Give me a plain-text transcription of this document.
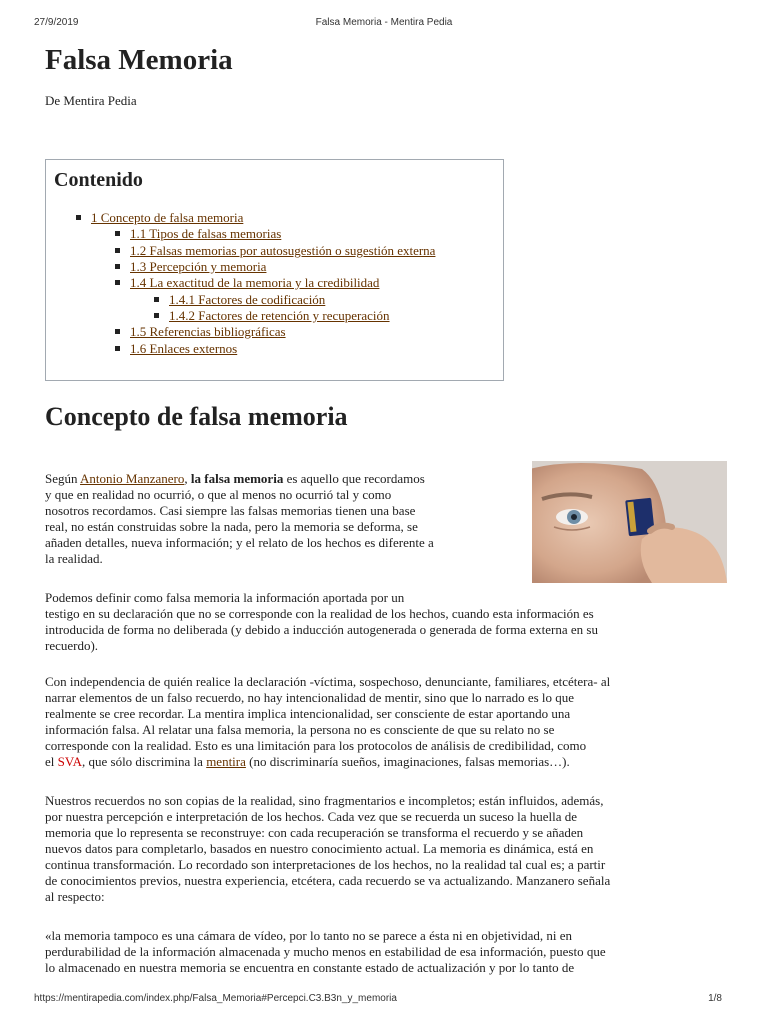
27/9/2019	Falsa Memoria - Mentira Pedia
Falsa Memoria
De Mentira Pedia
Contenido
1 Concepto de falsa memoria
1.1 Tipos de falsas memorias
1.2 Falsas memorias por autosugestión o sugestión externa
1.3 Percepción y memoria
1.4 La exactitud de la memoria y la credibilidad
1.4.1 Factores de codificación
1.4.2 Factores de retención y recuperación
1.5 Referencias bibliográficas
1.6 Enlaces externos
Concepto de falsa memoria
Según Antonio Manzanero, la falsa memoria es aquello que recordamos
y que en realidad no ocurrió, o que al menos no ocurrió tal y como
nosotros recordamos. Casi siempre las falsas memorias tienen una base
real, no están construidas sobre la nada, pero la memoria se deforma, se
añaden detalles, nueva información; y el relato de los hechos es diferente a
la realidad.
Podemos definir como falsa memoria la información aportada por un
testigo en su declaración que no se corresponde con la realidad de los hechos, cuando esta información es
introducida de forma no deliberada (y debido a inducción autogenerada o generada de forma externa en su
recuerdo).
Con independencia de quién realice la declaración -víctima, sospechoso, denunciante, familiares, etcétera- al
narrar elementos de un falso recuerdo, no hay intencionalidad de mentir, sino que lo narrado es lo que
realmente se cree recordar. La mentira implica intencionalidad, ser consciente de estar aportando una
información falsa. Al relatar una falsa memoria, la persona no es consciente de que su relato no se
corresponde con la realidad. Esto es una limitación para los protocolos de análisis de credibilidad, como
el SVA, que sólo discrimina la mentira (no discriminaría sueños, imaginaciones, falsas memorias…).
Nuestros recuerdos no son copias de la realidad, sino fragmentarios e incompletos; están influidos, además,
por nuestra percepción e interpretación de los hechos. Cada vez que se recuerda un suceso la huella de
memoria que lo representa se reconstruye: con cada recuperación se transforma el recuerdo y se añaden
nuevos datos para completarlo, basados en nuestro conocimiento actual. La memoria es dinámica, está en
continua transformación. Lo recordado son interpretaciones de los hechos, no la realidad tal cual es; a partir
de conocimientos previos, nuestra experiencia, etcétera, cada recuerdo se va actualizando. Manzanero señala
al respecto:
«la memoria tampoco es una cámara de vídeo, por lo tanto no se parece a ésta ni en objetividad, ni en
perdurabilidad de la información almacenada y mucho menos en estabilidad de esa información, puesto que
lo almacenado en nuestra memoria se encuentra en constante estado de actualización y por lo tanto de
https://mentirapedia.com/index.php/Falsa_Memoria#Percepci.C3.B3n_y_memoria	1/8
